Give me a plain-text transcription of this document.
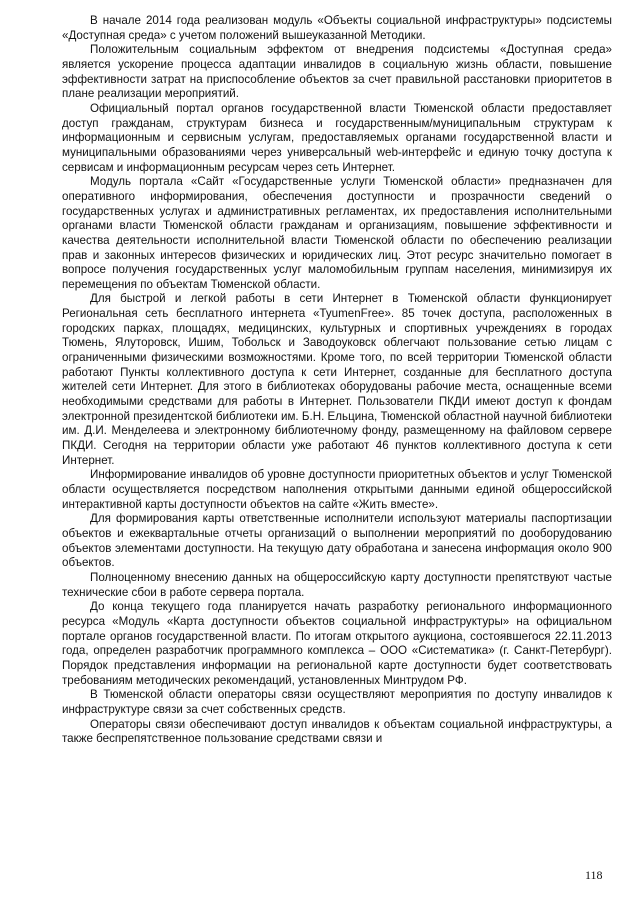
В начале 2014 года реализован модуль «Объекты социальной инфраструктуры» подсистемы «Доступная среда» с учетом положений вышеуказанной Методики.

Положительным социальным эффектом от внедрения подсистемы «Доступная среда» является ускорение процесса адаптации инвалидов в социальную жизнь области, повышение эффективности затрат на приспособление объектов за счет правильной расстановки приоритетов в плане реализации мероприятий.

Официальный портал органов государственной власти Тюменской области предоставляет доступ гражданам, структурам бизнеса и государственным/муниципальным структурам к информационным и сервисным услугам, предоставляемых органами государственной власти и муниципальными образованиями через универсальный web-интерфейс и единую точку доступа к сервисам и информационным ресурсам через сеть Интернет.

Модуль портала «Сайт «Государственные услуги Тюменской области» предназначен для оперативного информирования, обеспечения доступности и прозрачности сведений о государственных услугах и административных регламентах, их предоставления исполнительными органами власти Тюменской области гражданам и организациям, повышение эффективности и качества деятельности исполнительной власти Тюменской области по обеспечению реализации прав и законных интересов физических и юридических лиц. Этот ресурс значительно помогает в вопросе получения государственных услуг маломобильным группам населения, минимизируя их перемещения по объектам Тюменской области.

Для быстрой и легкой работы в сети Интернет в Тюменской области функционирует Региональная сеть бесплатного интернета «TyumenFree». 85 точек доступа, расположенных в городских парках, площадях, медицинских, культурных и спортивных учреждениях в городах Тюмень, Ялуторовск, Ишим, Тобольск и Заводоуковск облегчают пользование сетью лицам с ограниченными физическими возможностями. Кроме того, по всей территории Тюменской области работают Пункты коллективного доступа к сети Интернет, созданные для бесплатного доступа жителей сети Интернет. Для этого в библиотеках оборудованы рабочие места, оснащенные всеми необходимыми средствами для работы в Интернет. Пользователи ПКДИ имеют доступ к фондам электронной президентской библиотеки им. Б.Н. Ельцина, Тюменской областной научной библиотеки им. Д.И. Менделеева и электронному библиотечному фонду, размещенному на файловом сервере ПКДИ. Сегодня на территории области уже работают 46 пунктов коллективного доступа к сети Интернет.

Информирование инвалидов об уровне доступности приоритетных объектов и услуг Тюменской области осуществляется посредством наполнения открытыми данными единой общероссийской интерактивной карты доступности объектов на сайте «Жить вместе».

Для формирования карты ответственные исполнители используют материалы паспортизации объектов и ежеквартальные отчеты организаций о выполнении мероприятий по дооборудованию объектов элементами доступности. На текущую дату обработана и занесена информация около 900 объектов.

Полноценному внесению данных на общероссийскую карту доступности препятствуют частые технические сбои в работе сервера портала.

До конца текущего года планируется начать разработку регионального информационного ресурса «Модуль «Карта доступности объектов социальной инфраструктуры» на официальном портале органов государственной власти. По итогам открытого аукциона, состоявшегося 22.11.2013 года, определен разработчик программного комплекса – ООО «Систематика» (г. Санкт-Петербург). Порядок представления информации на региональной карте доступности будет соответствовать требованиям методических рекомендаций, установленных Минтрудом РФ.

В Тюменской области операторы связи осуществляют мероприятия по доступу инвалидов к инфраструктуре связи за счет собственных средств.

Операторы связи обеспечивают доступ инвалидов к объектам социальной инфраструктуры, а также беспрепятственное пользование средствами связи и

118
